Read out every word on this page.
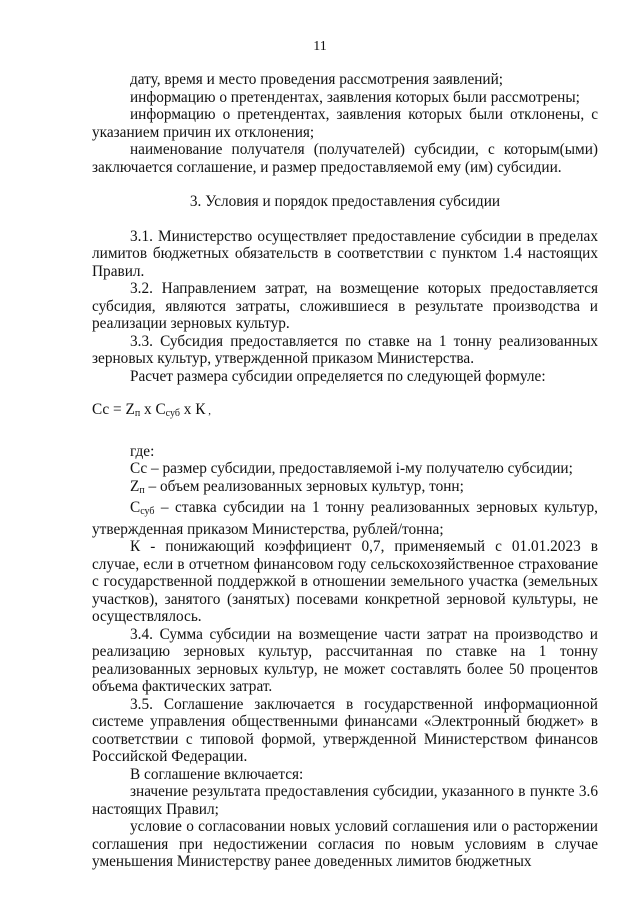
11

дату, время и место проведения рассмотрения заявлений;

информацию о претендентах, заявления которых были рассмотрены;

информацию о претендентах, заявления которых были отклонены, с указанием причин их отклонения;

наименование получателя (получателей) субсидии, с которым(ыми) заключается соглашение, и размер предоставляемой ему (им) субсидии.

3. Условия и порядок предоставления субсидии

3.1. Министерство осуществляет предоставление субсидии в пределах лимитов бюджетных обязательств в соответствии с пунктом 1.4 настоящих Правил.

3.2. Направлением затрат, на возмещение которых предоставляется субсидия, являются затраты, сложившиеся в результате производства и реализации зерновых культур.

3.3. Субсидия предоставляется по ставке на 1 тонну реализованных зерновых культур, утвержденной приказом Министерства.

Расчет размера субсидии определяется по следующей формуле:

Сс = $Z_п$ х $С_{суб}$ х К ,

где:

Сс – размер субсидии, предоставляемой i-му получателю субсидии;

$Z_п$ – объем реализованных зерновых культур, тонн;

$С_{суб}$ – ставка субсидии на 1 тонну реализованных зерновых культур, утвержденная приказом Министерства, рублей/тонна;

К - понижающий коэффициент 0,7, применяемый с 01.01.2023 в случае, если в отчетном финансовом году сельскохозяйственное страхование с государственной поддержкой в отношении земельного участка (земельных участков), занятого (занятых) посевами конкретной зерновой культуры, не осуществлялось.

3.4. Сумма субсидии на возмещение части затрат на производство и реализацию зерновых культур, рассчитанная по ставке на 1 тонну реализованных зерновых культур, не может составлять более 50 процентов объема фактических затрат.

3.5. Соглашение заключается в государственной информационной системе управления общественными финансами «Электронный бюджет» в соответствии с типовой формой, утвержденной Министерством финансов Российской Федерации.

В соглашение включается:

значение результата предоставления субсидии, указанного в пункте 3.6 настоящих Правил;

условие о согласовании новых условий соглашения или о расторжении соглашения при недостижении согласия по новым условиям в случае уменьшения Министерству ранее доведенных лимитов бюджетных
